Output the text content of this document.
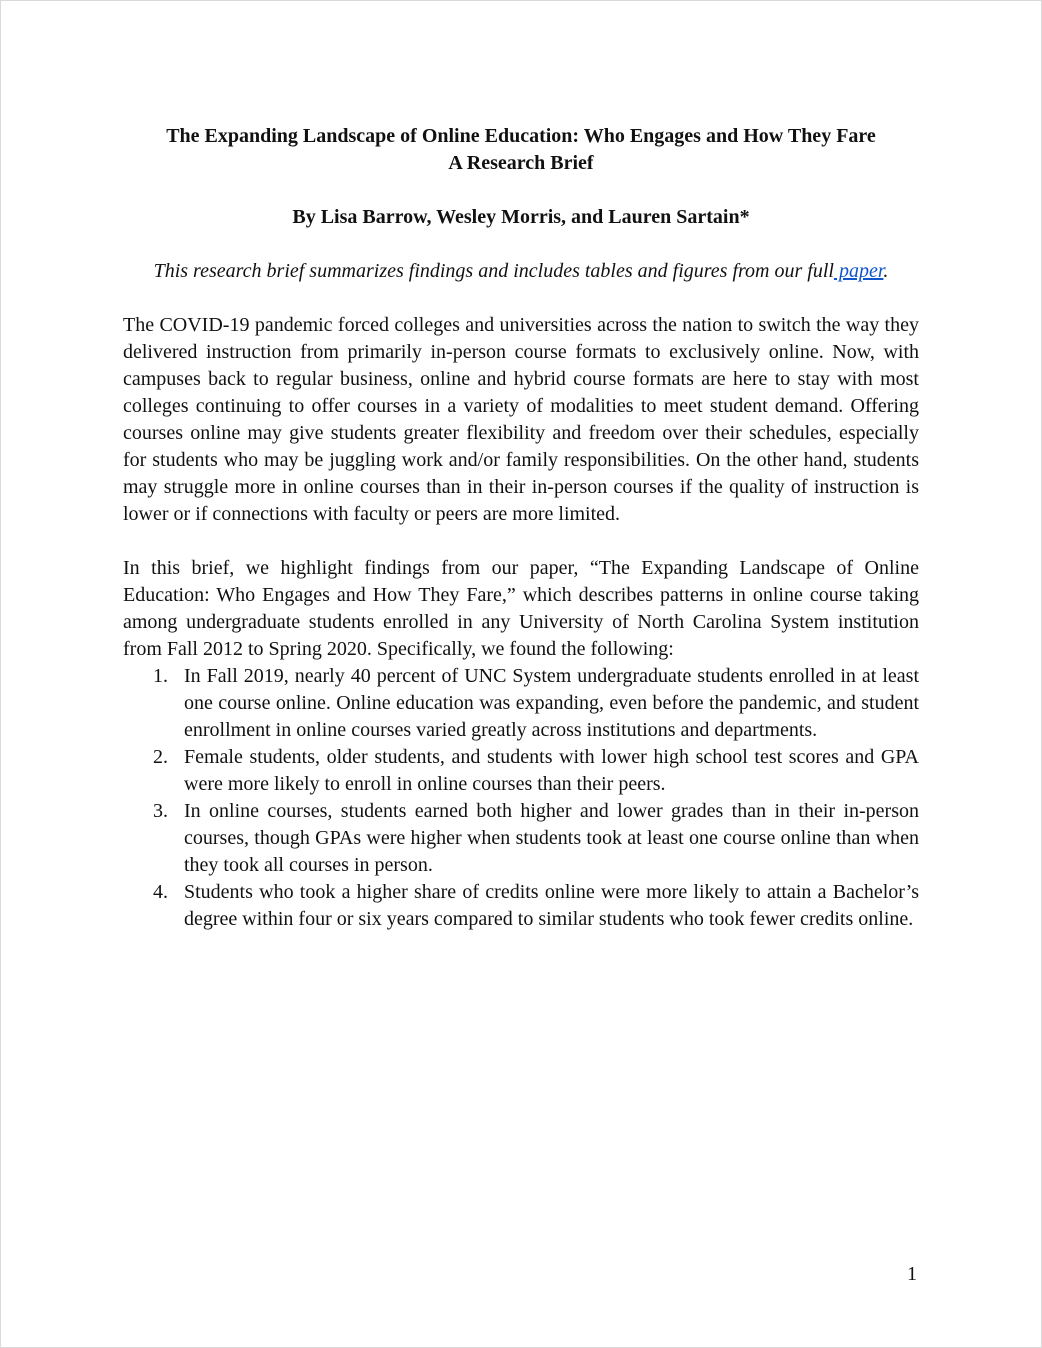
The Expanding Landscape of Online Education: Who Engages and How They Fare

A Research Brief

By Lisa Barrow, Wesley Morris, and Lauren Sartain*

This research brief summarizes findings and includes tables and figures from our full paper.

The COVID-19 pandemic forced colleges and universities across the nation to switch the way they delivered instruction from primarily in-person course formats to exclusively online. Now, with campuses back to regular business, online and hybrid course formats are here to stay with most colleges continuing to offer courses in a variety of modalities to meet student demand. Offering courses online may give students greater flexibility and freedom over their schedules, especially for students who may be juggling work and/or family responsibilities. On the other hand, students may struggle more in online courses than in their in-person courses if the quality of instruction is lower or if connections with faculty or peers are more limited.

In this brief, we highlight findings from our paper, “The Expanding Landscape of Online Education: Who Engages and How They Fare,” which describes patterns in online course taking among undergraduate students enrolled in any University of North Carolina System institution from Fall 2012 to Spring 2020. Specifically, we found the following:

1. In Fall 2019, nearly 40 percent of UNC System undergraduate students enrolled in at least one course online. Online education was expanding, even before the pandemic, and student enrollment in online courses varied greatly across institutions and departments.
2. Female students, older students, and students with lower high school test scores and GPA were more likely to enroll in online courses than their peers.
3. In online courses, students earned both higher and lower grades than in their in-person courses, though GPAs were higher when students took at least one course online than when they took all courses in person.
4. Students who took a higher share of credits online were more likely to attain a Bachelor’s degree within four or six years compared to similar students who took fewer credits online.
1
